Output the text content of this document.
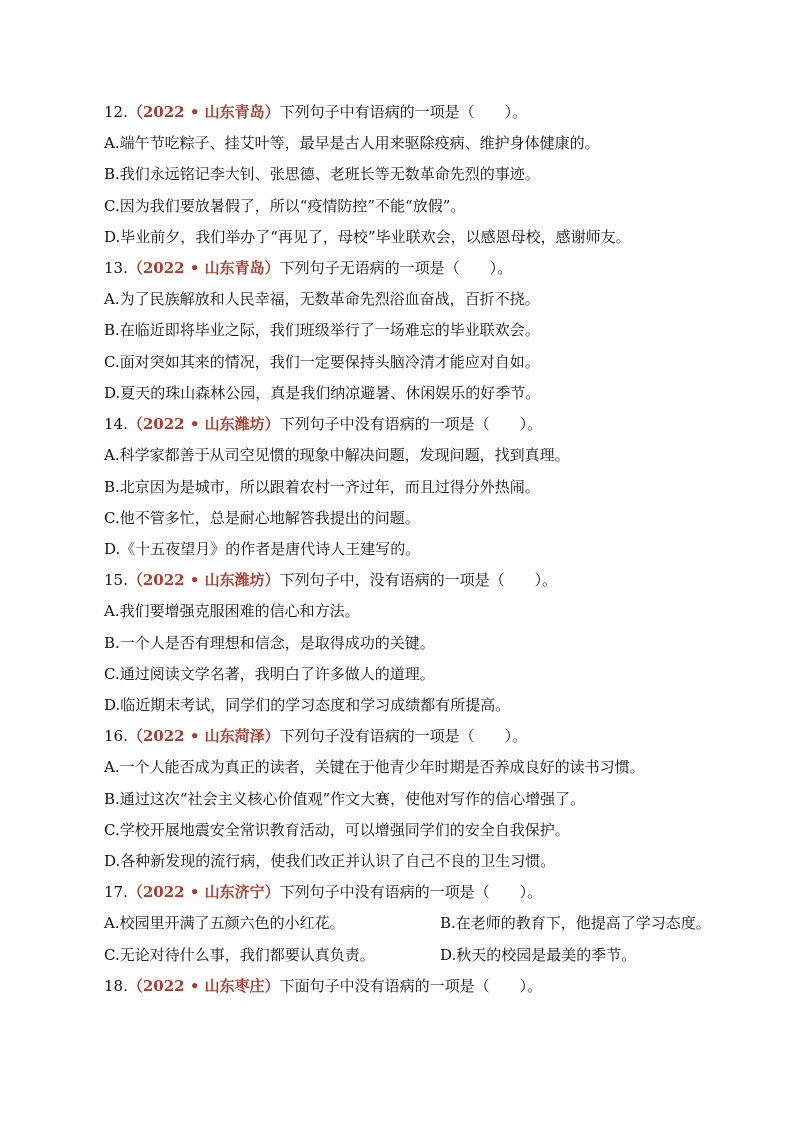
12.（2022 • 山东青岛）下列句子中有语病的一项是（　　）。
A.端午节吃粽子、挂艾叶等，最早是古人用来驱除疫病、维护身体健康的。
B.我们永远铭记李大钊、张思德、老班长等无数革命先烈的事迹。
C.因为我们要放暑假了，所以“疫情防控”不能“放假”。
D.毕业前夕，我们举办了“再见了，母校”毕业联欢会，以感恩母校，感谢师友。
13.（2022 • 山东青岛）下列句子无语病的一项是（　　）。
A.为了民族解放和人民幸福，无数革命先烈浴血奋战，百折不挠。
B.在临近即将毕业之际，我们班级举行了一场难忘的毕业联欢会。
C.面对突如其来的情况，我们一定要保持头脑冷清才能应对自如。
D.夏天的珠山森林公园，真是我们纳凉避暑、休闲娱乐的好季节。
14.（2022 • 山东潍坊）下列句子中没有语病的一项是（　　）。
A.科学家都善于从司空见惯的现象中解决问题，发现问题，找到真理。
B.北京因为是城市，所以跟着农村一齐过年，而且过得分外热闹。
C.他不管多忙，总是耐心地解答我提出的问题。
D.《十五夜望月》的作者是唐代诗人王建写的。
15.（2022 • 山东潍坊）下列句子中，没有语病的一项是（　　）。
A.我们要增强克服困难的信心和方法。
B.一个人是否有理想和信念，是取得成功的关键。
C.通过阅读文学名著，我明白了许多做人的道理。
D.临近期末考试，同学们的学习态度和学习成绩都有所提高。
16.（2022 • 山东菏泽）下列句子没有语病的一项是（　　）。
A.一个人能否成为真正的读者，关键在于他青少年时期是否养成良好的读书习惯。
B.通过这次“社会主义核心价值观”作文大赛，使他对写作的信心增强了。
C.学校开展地震安全常识教育活动，可以增强同学们的安全自我保护。
D.各种新发现的流行病，使我们改正并认识了自己不良的卫生习惯。
17.（2022 • 山东济宁）下列句子中没有语病的一项是（　　）。
A.校园里开满了五颜六色的小红花。	B.在老师的教育下，他提高了学习态度。
C.无论对待什么事，我们都要认真负责。	D.秋天的校园是最美的季节。
18.（2022 • 山东枣庄）下面句子中没有语病的一项是（　　）。
